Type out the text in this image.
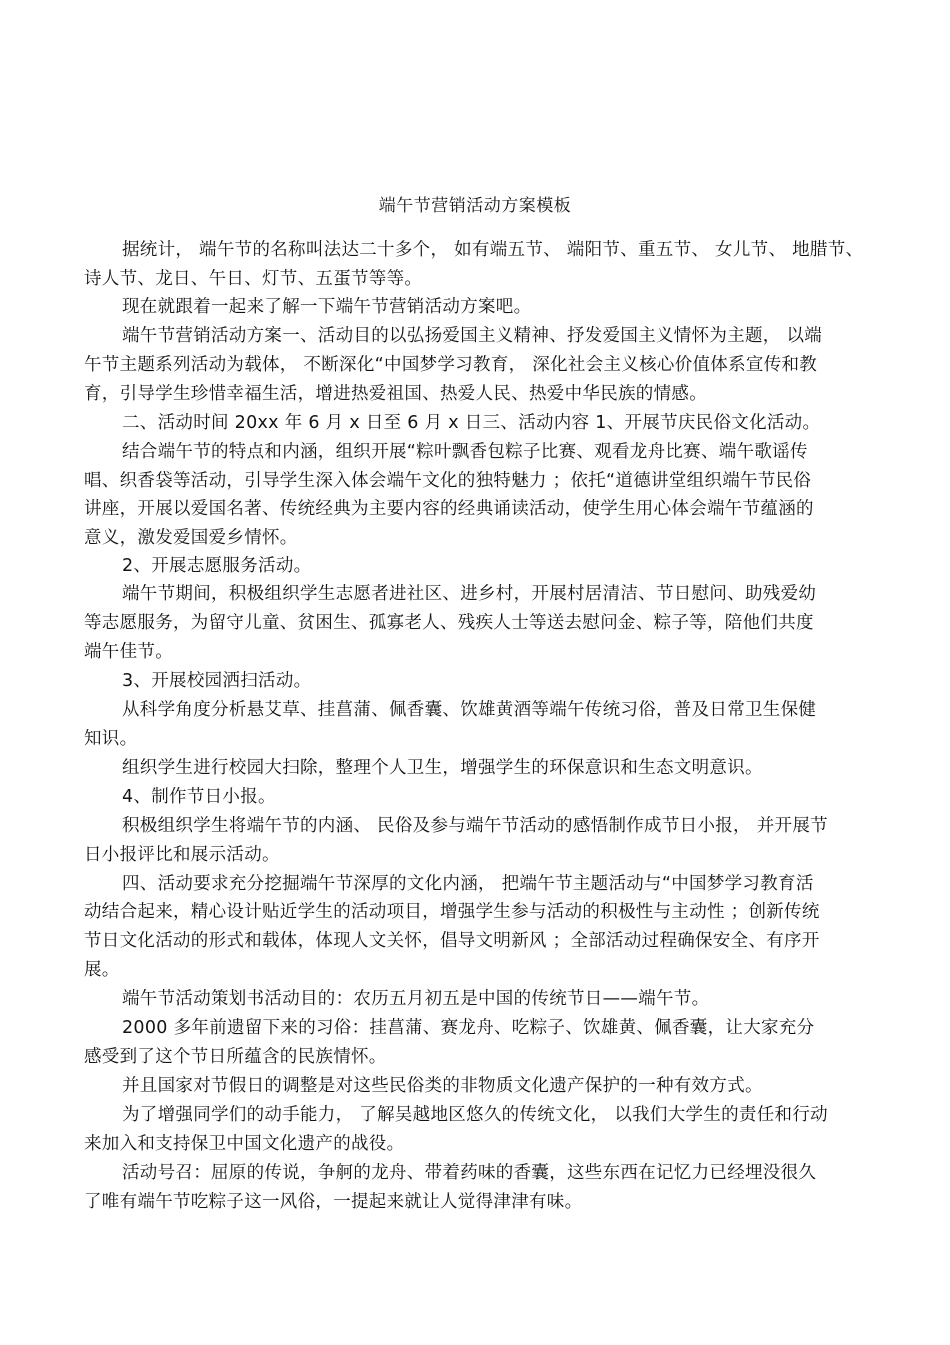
端午节营销活动方案模板
据统计， 端午节的名称叫法达二十多个， 如有端五节、 端阳节、重五节、 女儿节、 地腊节、
诗人节、龙日、午日、灯节、五蛋节等等。
现在就跟着一起来了解一下端午节营销活动方案吧。
端午节营销活动方案一、活动目的以弘扬爱国主义精神、抒发爱国主义情怀为主题， 以端
午节主题系列活动为载体， 不断深化“中国梦学习教育， 深化社会主义核心价值体系宣传和教
育，引导学生珍惜幸福生活，增进热爱祖国、热爱人民、热爱中华民族的情感。
二、活动时间 20xx 年 6 月 x 日至 6 月 x 日三、活动内容 1、开展节庆民俗文化活动。
结合端午节的特点和内涵，组织开展“粽叶飘香包粽子比赛、观看龙舟比赛、端午歌谣传
唱、织香袋等活动，引导学生深入体会端午文化的独特魅力 ；依托“道德讲堂组织端午节民俗
讲座，开展以爱国名著、传统经典为主要内容的经典诵读活动，使学生用心体会端午节蕴涵的
意义，激发爱国爱乡情怀。
2、开展志愿服务活动。
端午节期间，积极组织学生志愿者进社区、进乡村，开展村居清洁、节日慰问、助残爱幼
等志愿服务，为留守儿童、贫困生、孤寡老人、残疾人士等送去慰问金、粽子等，陪他们共度
端午佳节。
3、开展校园洒扫活动。
从科学角度分析悬艾草、挂菖蒲、佩香囊、饮雄黄酒等端午传统习俗，普及日常卫生保健
知识。
组织学生进行校园大扫除，整理个人卫生，增强学生的环保意识和生态文明意识。
4、制作节日小报。
积极组织学生将端午节的内涵、 民俗及参与端午节活动的感悟制作成节日小报， 并开展节
日小报评比和展示活动。
四、活动要求充分挖掘端午节深厚的文化内涵， 把端午节主题活动与“中国梦学习教育活
动结合起来，精心设计贴近学生的活动项目，增强学生参与活动的积极性与主动性 ；创新传统
节日文化活动的形式和载体，体现人文关怀，倡导文明新风 ；全部活动过程确保安全、有序开
展。
端午节活动策划书活动目的：农历五月初五是中国的传统节日——端午节。
2000 多年前遗留下来的习俗：挂菖蒲、赛龙舟、吃粽子、饮雄黄、佩香囊，让大家充分
感受到了这个节日所蕴含的民族情怀。
并且国家对节假日的调整是对这些民俗类的非物质文化遗产保护的一种有效方式。
为了增强同学们的动手能力， 了解吴越地区悠久的传统文化， 以我们大学生的责任和行动
来加入和支持保卫中国文化遗产的战役。
活动号召：屈原的传说，争舸的龙舟、带着药味的香囊，这些东西在记忆力已经埋没很久
了唯有端午节吃粽子这一风俗，一提起来就让人觉得津津有味。
